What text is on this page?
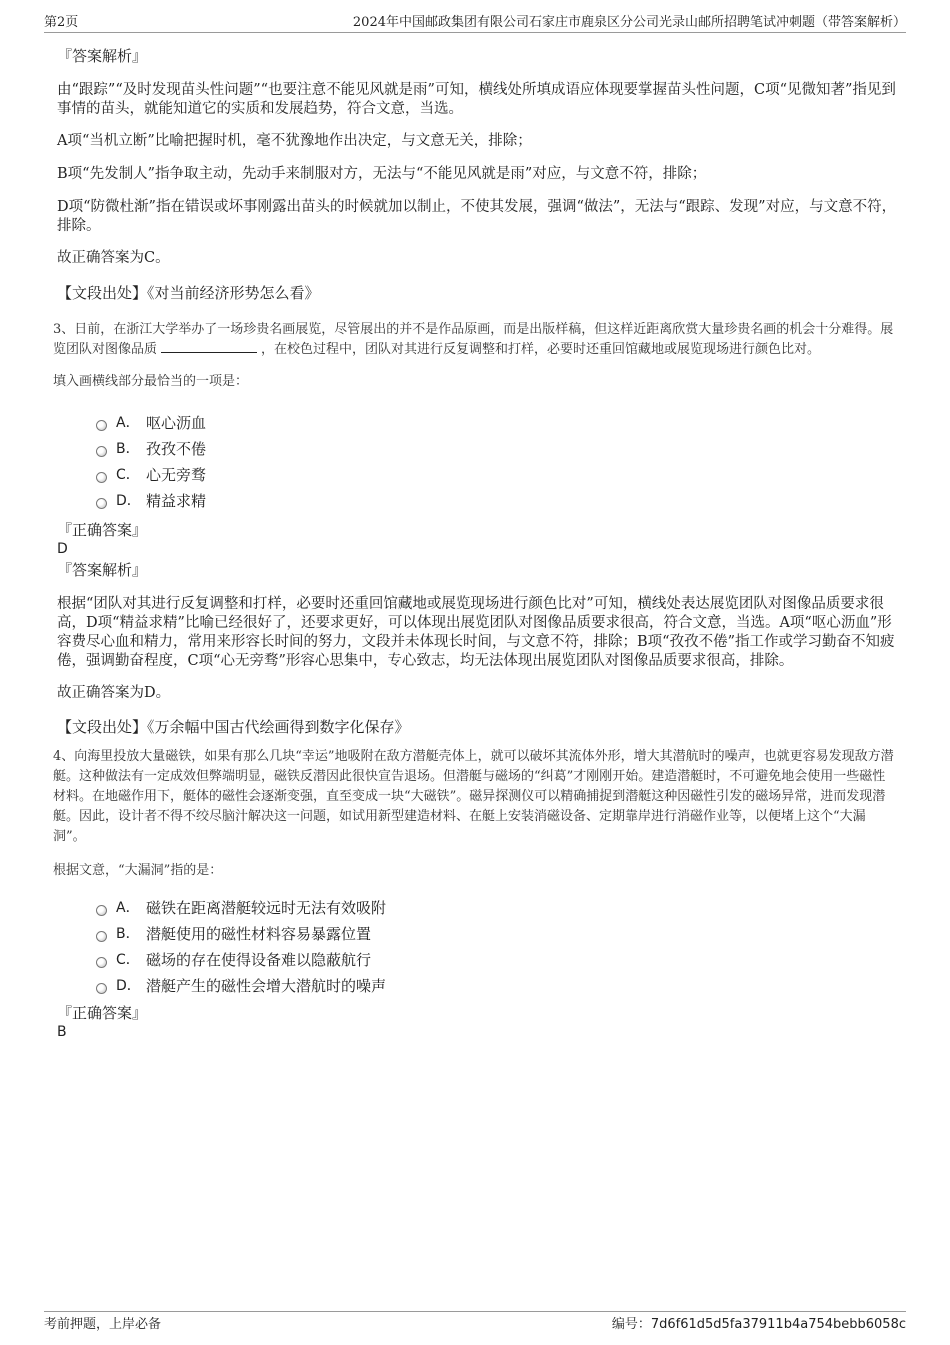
第2页	2024年中国邮政集团有限公司石家庄市鹿泉区分公司光录山邮所招聘笔试冲刺题（带答案解析）

『答案解析』

由“跟踪”“及时发现苗头性问题”“也要注意不能见风就是雨”可知，横线处所填成语应体现要掌握苗头性问题，C项“见微知著”指见到事情的苗头，就能知道它的实质和发展趋势，符合文意，当选。

A项“当机立断”比喻把握时机，毫不犹豫地作出决定，与文意无关，排除；

B项“先发制人”指争取主动，先动手来制服对方，无法与“不能见风就是雨”对应，与文意不符，排除；

D项“防微杜渐”指在错误或坏事刚露出苗头的时候就加以制止，不使其发展，强调“做法”，无法与“跟踪、发现”对应，与文意不符，排除。

故正确答案为C。

【文段出处】《对当前经济形势怎么看》

3、日前，在浙江大学举办了一场珍贵名画展览，尽管展出的并不是作品原画，而是出版样稿，但这样近距离欣赏大量珍贵名画的机会十分难得。展览团队对图像品质	，在校色过程中，团队对其进行反复调整和打样，必要时还重回馆藏地或展览现场进行颜色比对。

填入画横线部分最恰当的一项是：

A． 呕心沥血
B． 孜孜不倦
C． 心无旁骛
D． 精益求精

『正确答案』

D

『答案解析』

根据“团队对其进行反复调整和打样，必要时还重回馆藏地或展览现场进行颜色比对”可知，横线处表达展览团队对图像品质要求很高，D项“精益求精”比喻已经很好了，还要求更好，可以体现出展览团队对图像品质要求很高，符合文意，当选。A项“呕心沥血”形容费尽心血和精力，常用来形容长时间的努力，文段并未体现长时间，与文意不符，排除；B项“孜孜不倦”指工作或学习勤奋不知疲倦，强调勤奋程度，C项“心无旁骛”形容心思集中，专心致志，均无法体现出展览团队对图像品质要求很高，排除。

故正确答案为D。

【文段出处】《万余幅中国古代绘画得到数字化保存》

4、向海里投放大量磁铁，如果有那么几块“幸运”地吸附在敌方潜艇壳体上，就可以破坏其流体外形，增大其潜航时的噪声，也就更容易发现敌方潜艇。这种做法有一定成效但弊端明显，磁铁反潜因此很快宣告退场。但潜艇与磁场的“纠葛”才刚刚开始。建造潜艇时，不可避免地会使用一些磁性材料。在地磁作用下，艇体的磁性会逐渐变强，直至变成一块“大磁铁”。磁异探测仪可以精确捕捉到潜艇这种因磁性引发的磁场异常，进而发现潜艇。因此，设计者不得不绞尽脑汁解决这一问题，如试用新型建造材料、在艇上安装消磁设备、定期靠岸进行消磁作业等，以便堵上这个“大漏洞”。

根据文意，“大漏洞”指的是：

A． 磁铁在距离潜艇较远时无法有效吸附
B． 潜艇使用的磁性材料容易暴露位置
C． 磁场的存在使得设备难以隐蔽航行
D． 潜艇产生的磁性会增大潜航时的噪声

『正确答案』

B

考前押题，上岸必备	编号：7d6f61d5d5fa37911b4a754bebb6058c
